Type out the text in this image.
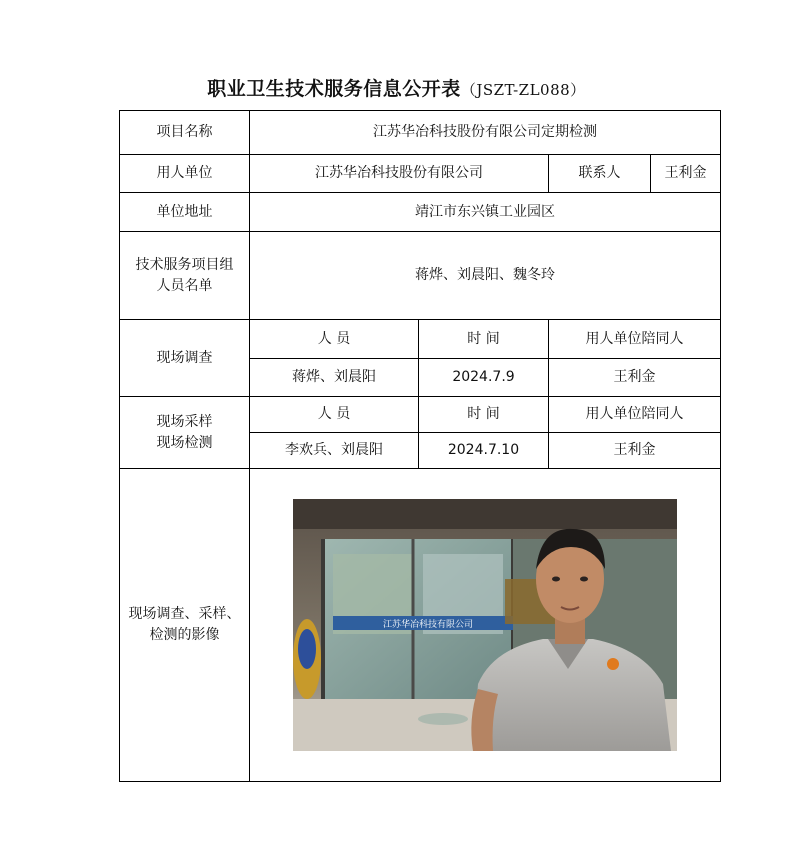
职业卫生技术服务信息公开表（JSZT-ZL088）
项目名称	江苏华冶科技股份有限公司定期检测			
用人单位	江苏华冶科技股份有限公司		联系人	王利金
单位地址	靖江市东兴镇工业园区			

技术服务项目组
人员名单	蒋烨、刘晨阳、魏冬玲			
现场调查	人 员	时 间	用人单位陪同人	
	蒋烨、刘晨阳	2024.7.9	王利金	

现场采样
现场检测	人 员	时 间	用人单位陪同人	
	李欢兵、刘晨阳	2024.7.10	王利金	

现场调查、采样、
检测的影像	江苏华冶科技有限公司			
